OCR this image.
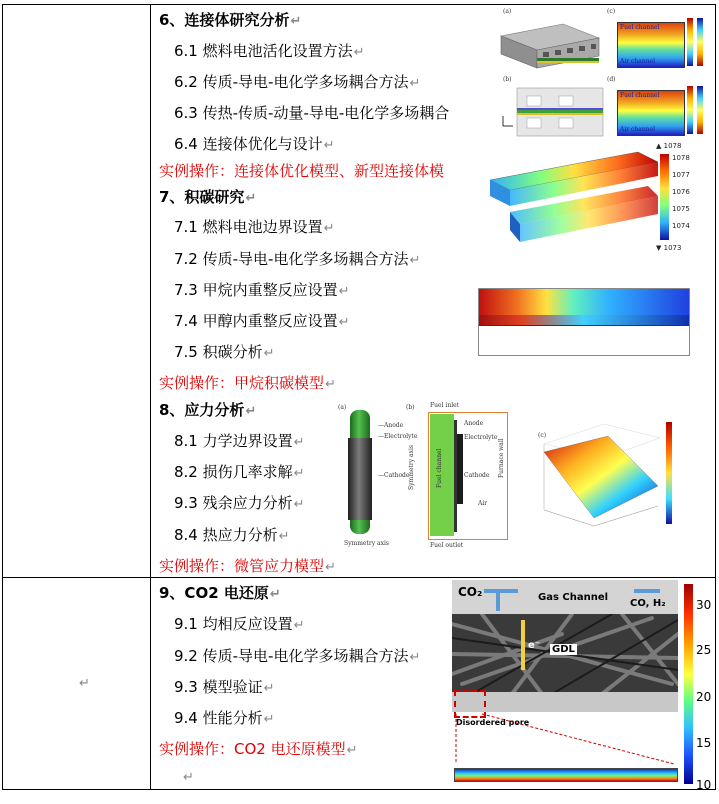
6、连接体研究分析↵
6.1 燃料电池活化设置方法↵
6.2 传质-导电-电化学多场耦合方法↵
6.3 传热-传质-动量-导电-电化学多场耦合
6.4 连接体优化与设计↵
实例操作：连接体优化模型、新型连接体模
7、积碳研究↵
7.1 燃料电池边界设置↵
7.2 传质-导电-电化学多场耦合方法↵
7.3 甲烷内重整反应设置↵
7.4 甲醇内重整反应设置↵
7.5 积碳分析↵
实例操作：甲烷积碳模型↵
8、应力分析↵
8.1 力学边界设置↵
8.2 损伤几率求解↵
9.3 残余应力分析↵
8.4 热应力分析↵
实例操作：微管应力模型↵
↵
9、CO2 电还原↵
9.1 均相反应设置↵
9.2 传质-导电-电化学多场耦合方法↵
9.3 模型验证↵
9.4 性能分析↵
实例操作：CO2 电还原模型↵
↵
(a)	(c)
Fuel channel
Air channel
(b)	(d)
Fuel channel
Air channel
▲ 1078
1078
1077
1076
1075
1074
▼ 1073
(a)
—Anode
—Electrolyte
—Cathode
Symmetry axis
(b)	Fuel inlet
Fuel outlet
Anode
Electrolyte
Cathode
Air
Symmetry axis	Fuel channel	Furnace wall
(c)
CO₂	Gas Channel
CO, H₂
e⁻ GDL
Disordered pore
30
25
20
15
10
